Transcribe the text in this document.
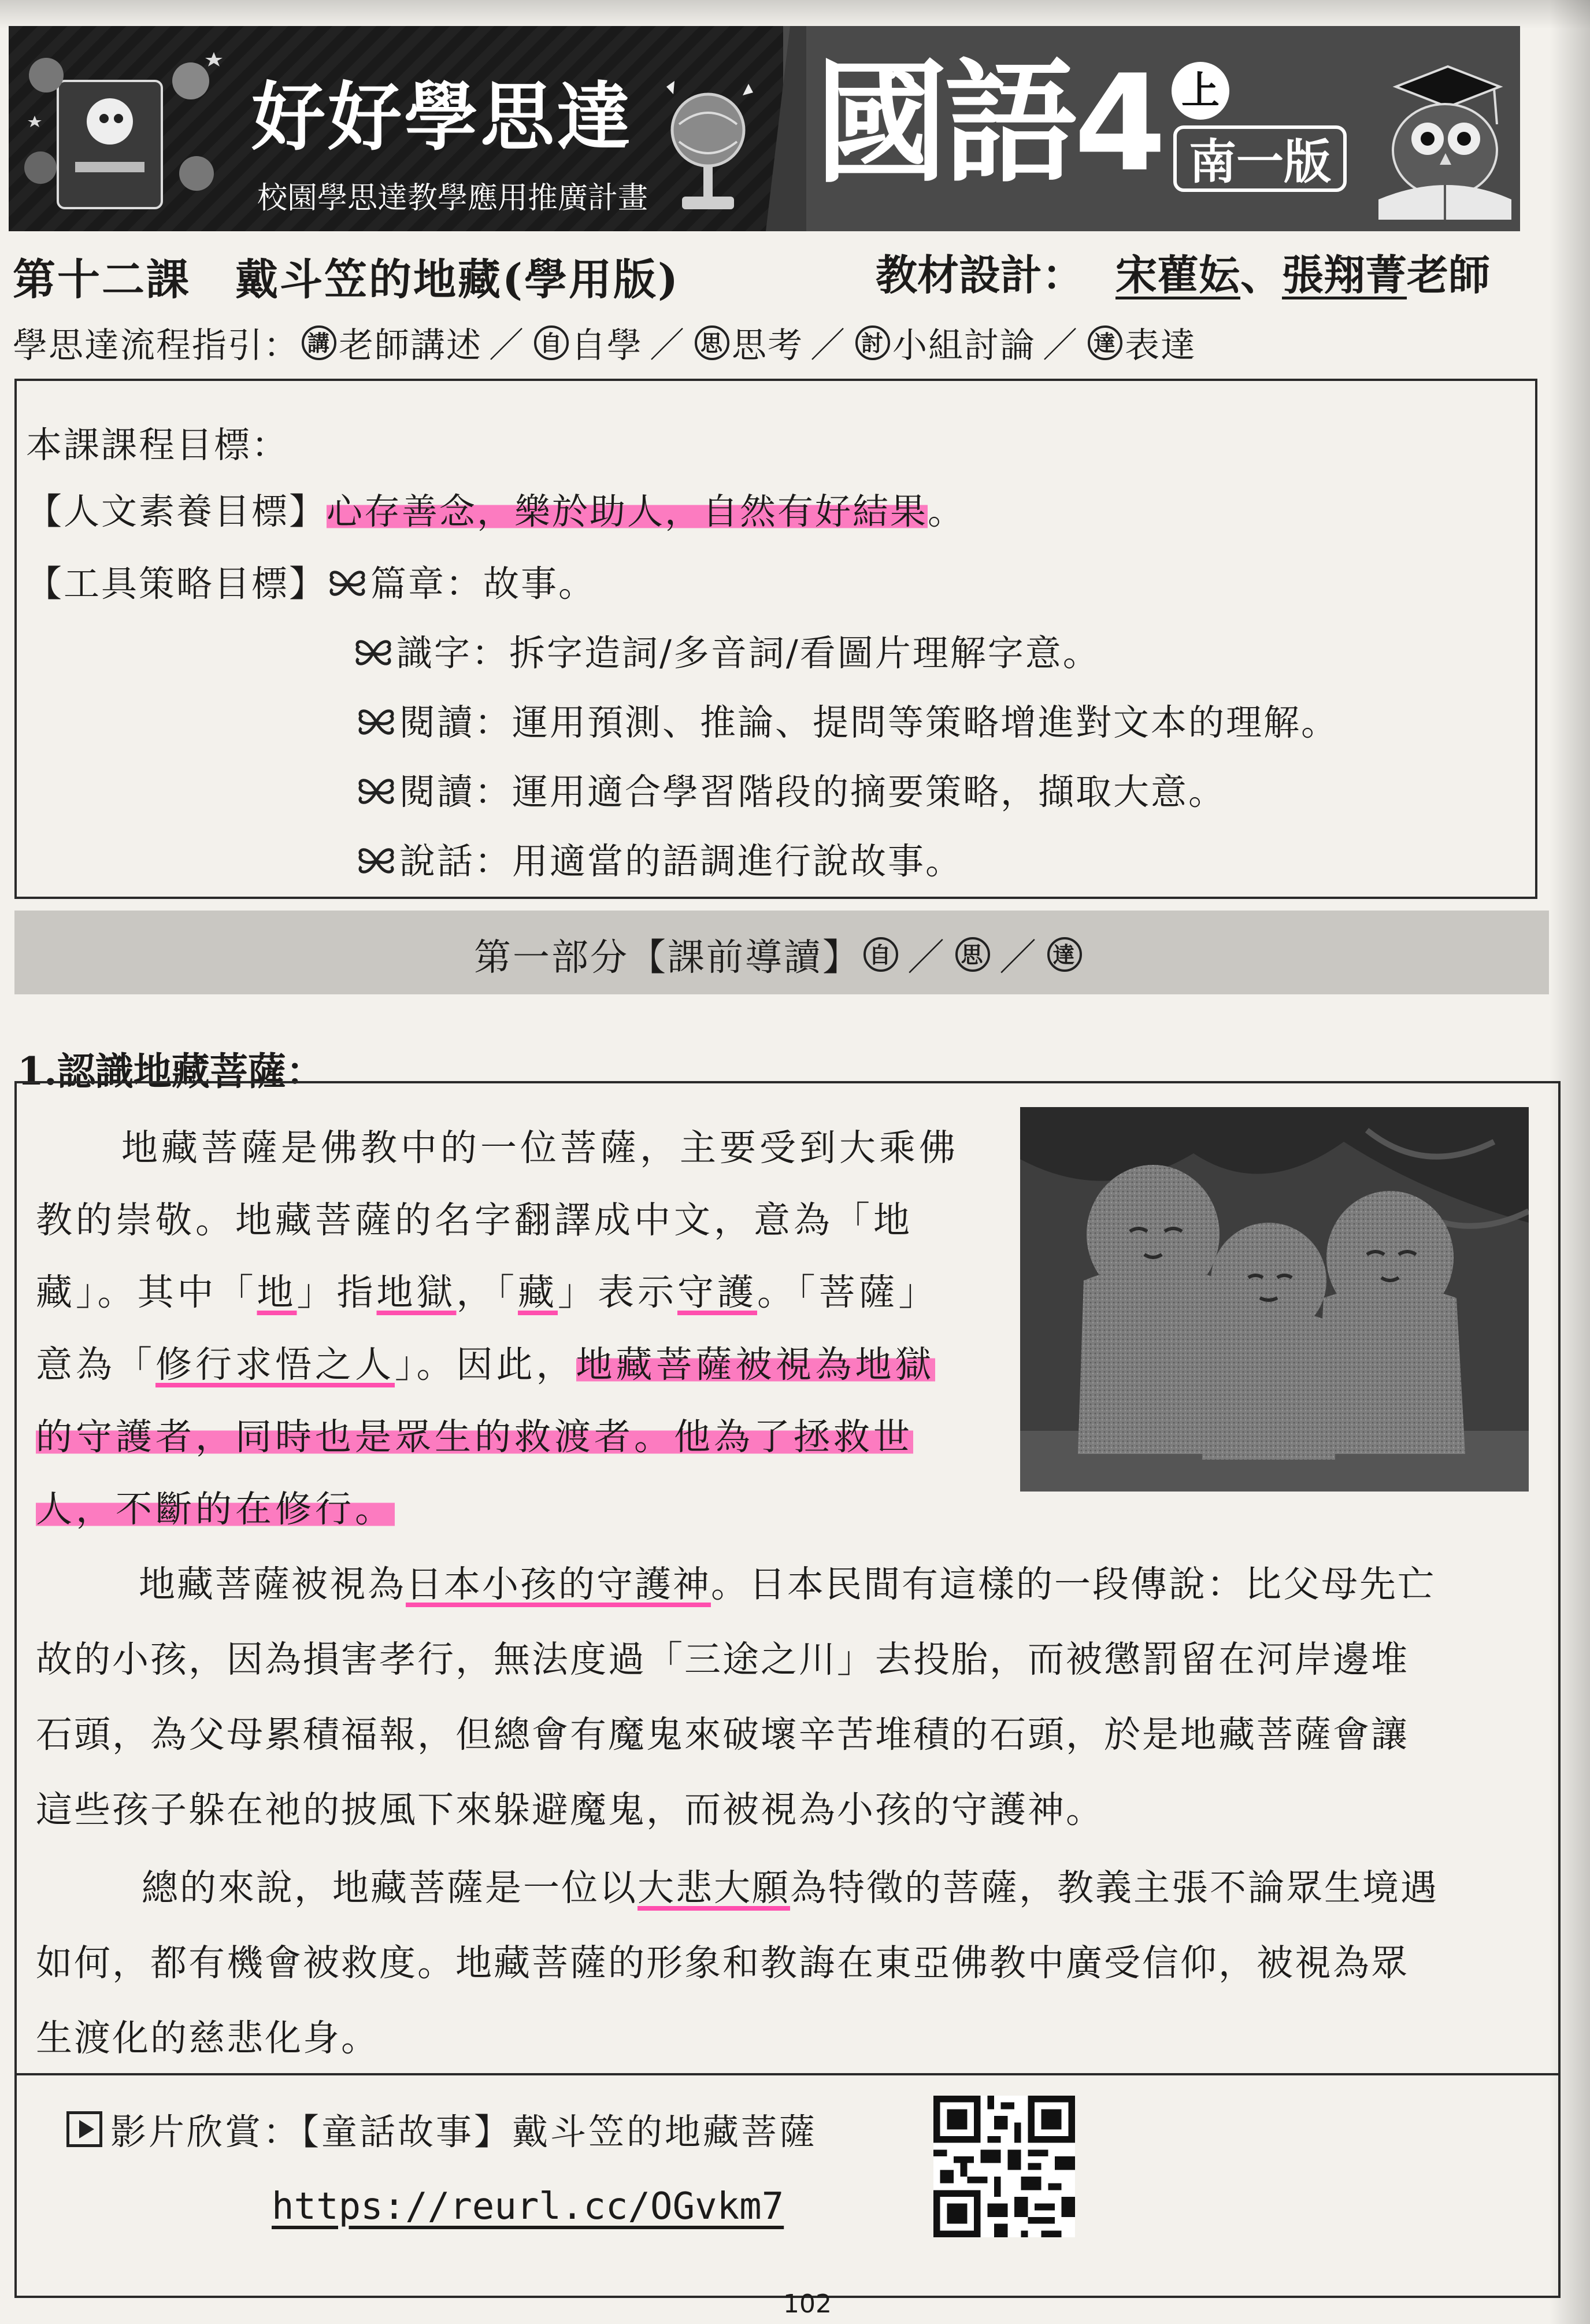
好好學思達
校園學思達教學應用推廣計畫 國語4 上
南一版
第十二課　戴斗笠的地藏(學用版)	教材設計： 宋雚妘、張翔菁老師
學思達流程指引： 講 老師講述 ／ 自 自學 ／ 思 思考 ／ 討 小組討論 ／ 達 表達
本課課程目標：
【人文素養目標】心存善念，樂於助人，自然有好結果。
【工具策略目標】 篇章：故事。
識字：拆字造詞/多音詞/看圖片理解字意。
閱讀：運用預測、推論、提問等策略增進對文本的理解。
閱讀：運用適合學習階段的摘要策略，擷取大意。
說話：用適當的語調進行說故事。
第一部分【課前導讀】 自 ／ 思 ／ 達
1.認識地藏菩薩：
地藏菩薩是佛教中的一位菩薩，主要受到大乘佛
教的崇敬。地藏菩薩的名字翻譯成中文，意為「地
藏」。其中「地」指地獄，「藏」表示守護。「菩薩」
意為「修行求悟之人」。因此，地藏菩薩被視為地獄
的守護者，同時也是眾生的救渡者。他為了拯救世
人，不斷的在修行。
地藏菩薩被視為日本小孩的守護神。日本民間有這樣的一段傳說：比父母先亡
故的小孩，因為損害孝行，無法度過「三途之川」去投胎，而被懲罰留在河岸邊堆
石頭，為父母累積福報，但總會有魔鬼來破壞辛苦堆積的石頭，於是地藏菩薩會讓
這些孩子躲在祂的披風下來躲避魔鬼，而被視為小孩的守護神。
總的來說，地藏菩薩是一位以大悲大願為特徵的菩薩，教義主張不論眾生境遇
如何，都有機會被救度。地藏菩薩的形象和教誨在東亞佛教中廣受信仰，被視為眾
生渡化的慈悲化身。
影片欣賞：【童話故事】戴斗笠的地藏菩薩
https://reurl.cc/OGvkm7
102
